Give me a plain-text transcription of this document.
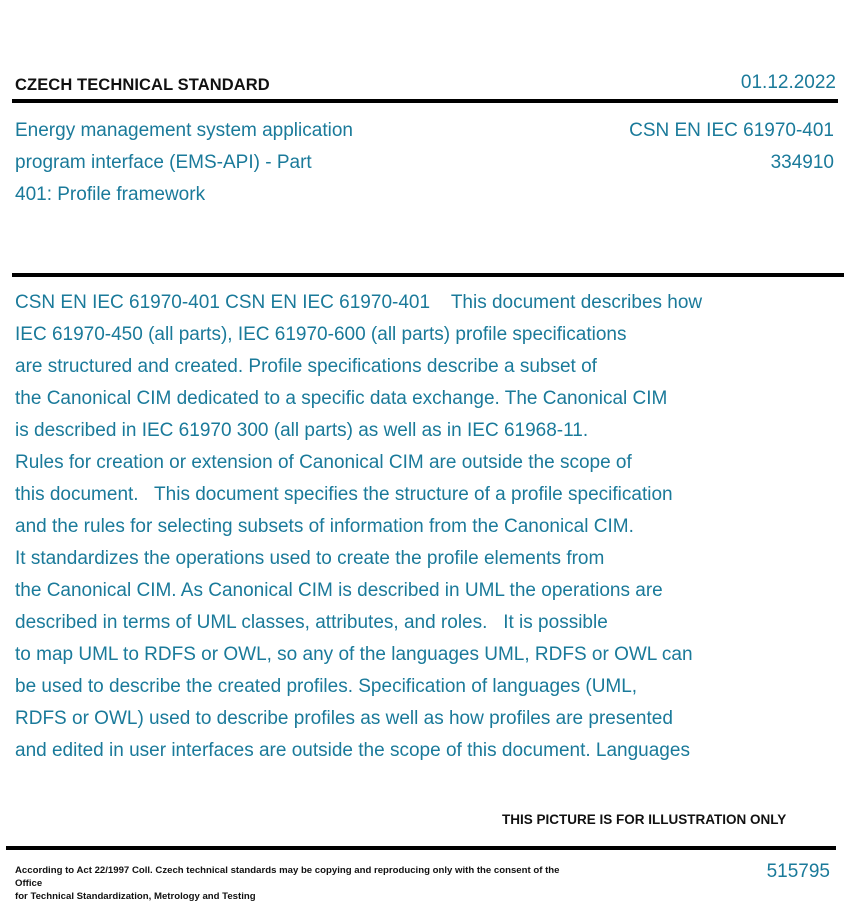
CZECH TECHNICAL STANDARD	01.12.2022
Energy management system application
program interface (EMS-API) - Part
401: Profile framework
CSN EN IEC 61970-401
334910
CSN EN IEC 61970-401 CSN EN IEC 61970-401    This document describes how
IEC 61970-450 (all parts), IEC 61970-600 (all parts) profile specifications
are structured and created. Profile specifications describe a subset of
the Canonical CIM dedicated to a specific data exchange. The Canonical CIM
is described in IEC 61970 300 (all parts) as well as in IEC 61968-11.
Rules for creation or extension of Canonical CIM are outside the scope of
this document.   This document specifies the structure of a profile specification
and the rules for selecting subsets of information from the Canonical CIM.
It standardizes the operations used to create the profile elements from
the Canonical CIM. As Canonical CIM is described in UML the operations are
described in terms of UML classes, attributes, and roles.   It is possible
to map UML to RDFS or OWL, so any of the languages UML, RDFS or OWL can
be used to describe the created profiles. Specification of languages (UML,
RDFS or OWL) used to describe profiles as well as how profiles are presented
and edited in user interfaces are outside the scope of this document. Languages
THIS PICTURE IS FOR ILLUSTRATION ONLY
According to Act 22/1997 Coll. Czech technical standards may be copying and reproducing only with the consent of the Office
for Technical Standardization, Metrology and Testing
515795
